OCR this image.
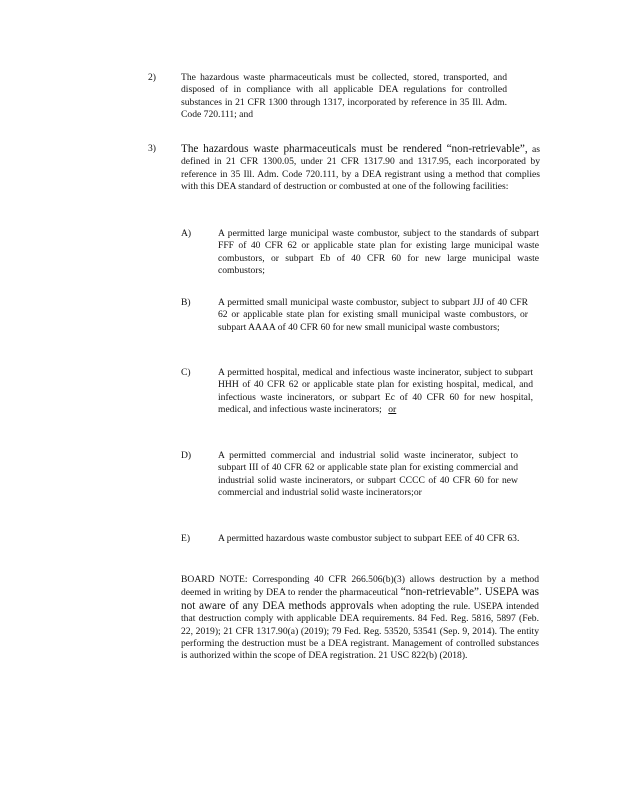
2)	The hazardous waste pharmaceuticals must be collected, stored, transported, and disposed of in compliance with all applicable DEA regulations for controlled substances in 21 CFR 1300 through 1317, incorporated by reference in 35 Ill. Adm. Code 720.111; and
3) The hazardous waste pharmaceuticals must be rendered “non-retrievable”, as defined in 21 CFR 1300.05, under 21 CFR 1317.90 and 1317.95, each incorporated by reference in 35 Ill. Adm. Code 720.111, by a DEA registrant using a method that complies with this DEA standard of destruction or combusted at one of the following facilities:
A)	A permitted large municipal waste combustor, subject to the standards of subpart FFF of 40 CFR 62 or applicable state plan for existing large municipal waste combustors, or subpart Eb of 40 CFR 60 for new large municipal waste combustors;
B)	A permitted small municipal waste combustor, subject to subpart JJJ of 40 CFR 62 or applicable state plan for existing small municipal waste combustors, or subpart AAAA of 40 CFR 60 for new small municipal waste combustors;
C)	A permitted hospital, medical and infectious waste incinerator, subject to subpart HHH of 40 CFR 62 or applicable state plan for existing hospital, medical, and infectious waste incinerators, or subpart Ec of 40 CFR 60 for new hospital, medical, and infectious waste incinerators; or
D)	A permitted commercial and industrial solid waste incinerator, subject to subpart III of 40 CFR 62 or applicable state plan for existing commercial and industrial solid waste incinerators, or subpart CCCC of 40 CFR 60 for new commercial and industrial solid waste incinerators;or
E)	A permitted hazardous waste combustor subject to subpart EEE of 40 CFR 63.
BOARD NOTE: Corresponding 40 CFR 266.506(b)(3) allows destruction by a method deemed in writing by DEA to render the pharmaceutical “non-retrievable”. USEPA was not aware of any DEA methods approvals when adopting the rule. USEPA intended that destruction comply with applicable DEA requirements. 84 Fed. Reg. 5816, 5897 (Feb. 22, 2019); 21 CFR 1317.90(a) (2019); 79 Fed. Reg. 53520, 53541 (Sep. 9, 2014). The entity performing the destruction must be a DEA registrant. Management of controlled substances is authorized within the scope of DEA registration. 21 USC 822(b) (2018).
